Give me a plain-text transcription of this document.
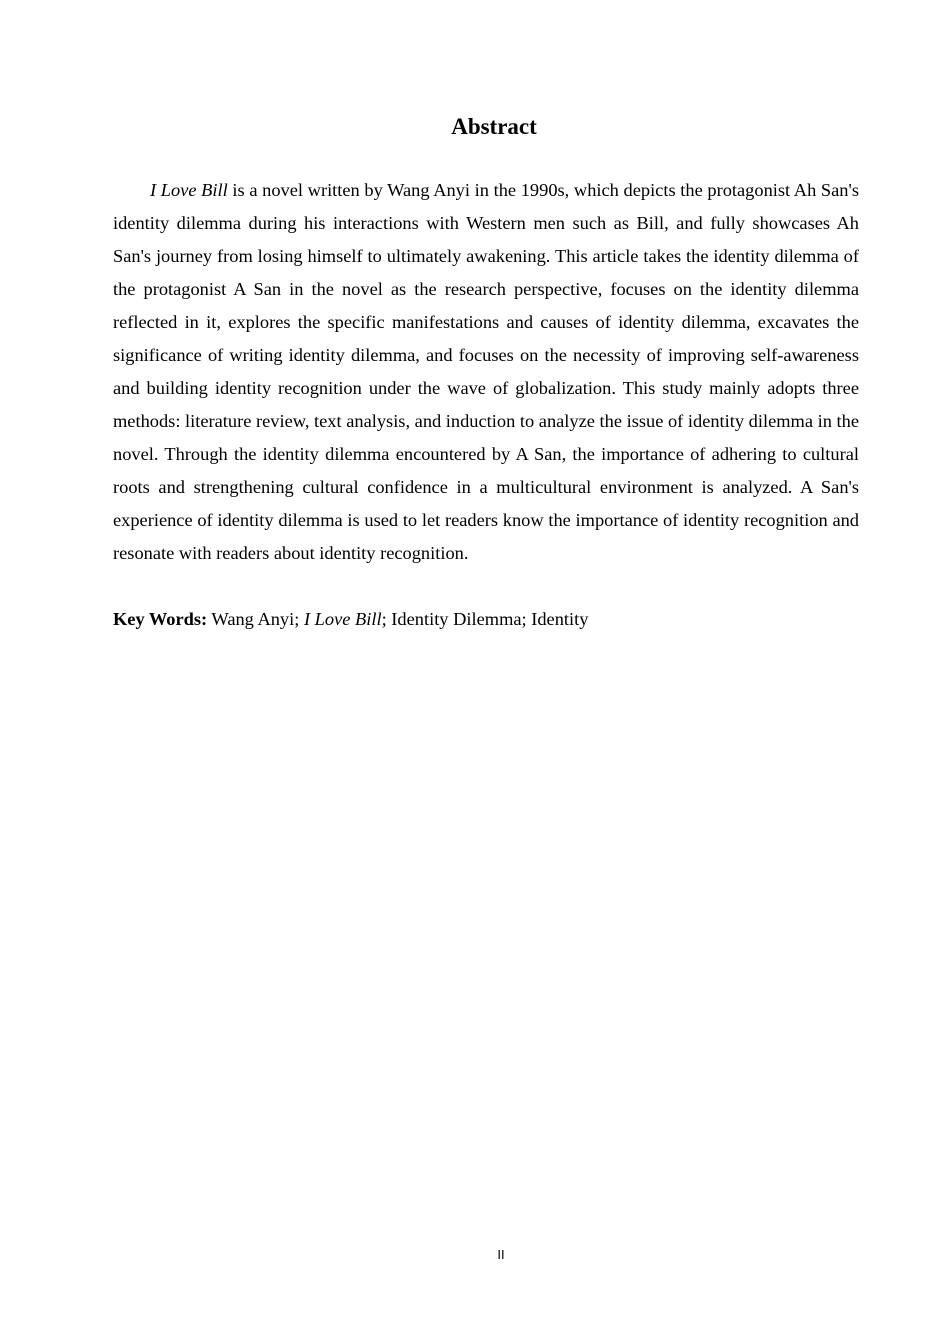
Abstract

I Love Bill is a novel written by Wang Anyi in the 1990s, which depicts the protagonist Ah San's identity dilemma during his interactions with Western men such as Bill, and fully showcases Ah San's journey from losing himself to ultimately awakening. This article takes the identity dilemma of the protagonist A San in the novel as the research perspective, focuses on the identity dilemma reflected in it, explores the specific manifestations and causes of identity dilemma, excavates the significance of writing identity dilemma, and focuses on the necessity of improving self-awareness and building identity recognition under the wave of globalization. This study mainly adopts three methods: literature review, text analysis, and induction to analyze the issue of identity dilemma in the novel. Through the identity dilemma encountered by A San, the importance of adhering to cultural roots and strengthening cultural confidence in a multicultural environment is analyzed. A San's experience of identity dilemma is used to let readers know the importance of identity recognition and resonate with readers about identity recognition.

Key Words: Wang Anyi; I Love Bill; Identity Dilemma; Identity

II
